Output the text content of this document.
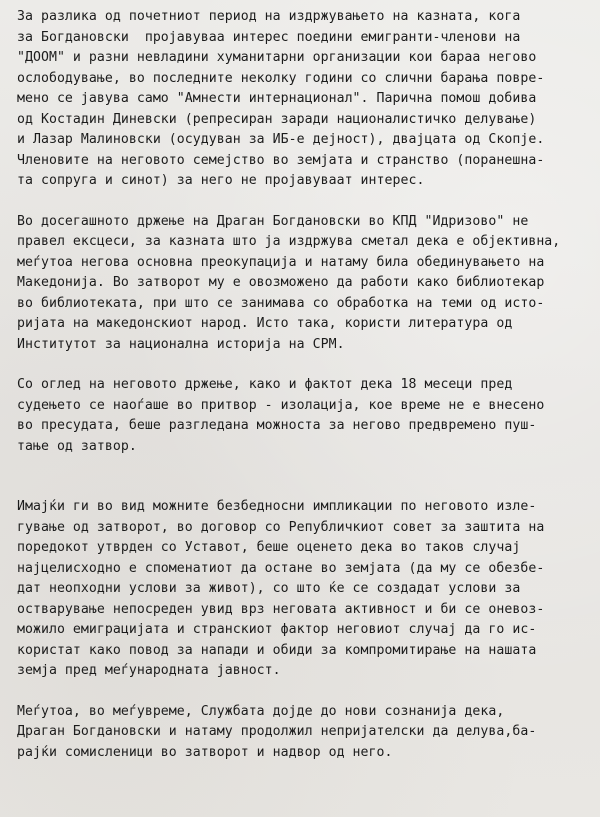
За разлика од почетниот период на издржувањето на казната, кога
за Богдановски  пројавуваа интерес поедини емигранти-членови на
"ДООМ" и разни невладини хуманитарни организации кои бараа негово
ослободување, во последните неколку години со слични барања повре-
мено се јавува само "Амнести интернационал". Парична помош добива
од Костадин Диневски (репресиран заради националистичко делување)
и Лазар Малиновски (осудуван за ИБ-е дејност), двајцата од Скопје.
Членовите на неговото семејство во земјата и странство (поранешна-
та сопруга и синот) за него не пројавуваат интерес.
Во досегашното држење на Драган Богдановски во КПД "Идризово" не
правел ексцеси, за казната што ја издржува сметал дека е објективна,
меѓутоа негова основна преокупација и натаму била обединувањето на
Македонија. Во затворот му е овозможено да работи како библиотекар
во библиотеката, при што се занимава со обработка на теми од исто-
ријата на македонскиот народ. Исто така, користи литература од
Институтот за национална историја на СРМ.
Со оглед на неговото држење, како и фактот дека 18 месеци пред
судењето се наоѓаше во притвор - изолација, кое време не е внесено
во пресудата, беше разгледана можноста за негово предвремено пуш-
тање од затвор.
Имајќи ги во вид можните безбедносни импликации по неговото изле-
гување од затворот, во договор со Републичкиот совет за заштита на
поредокот утврден со Уставот, беше оценето дека во таков случај
најцелисходно е споменатиот да остане во земјата (да му се обезбе-
дат неопходни услови за живот), со што ќе се создадат услови за
остварување непосреден увид врз неговата активност и би се оневоз-
можило емиграцијата и странскиот фактор неговиот случај да го ис-
користат како повод за напади и обиди за компромитирање на нашата
земја пред меѓународната јавност.
Меѓутоа, во меѓувреме, Службата дојде до нови сознанија дека,
Драган Богдановски и натаму продолжил непријателски да делува,ба-
рајќи сомисленици во затворот и надвор од него.
